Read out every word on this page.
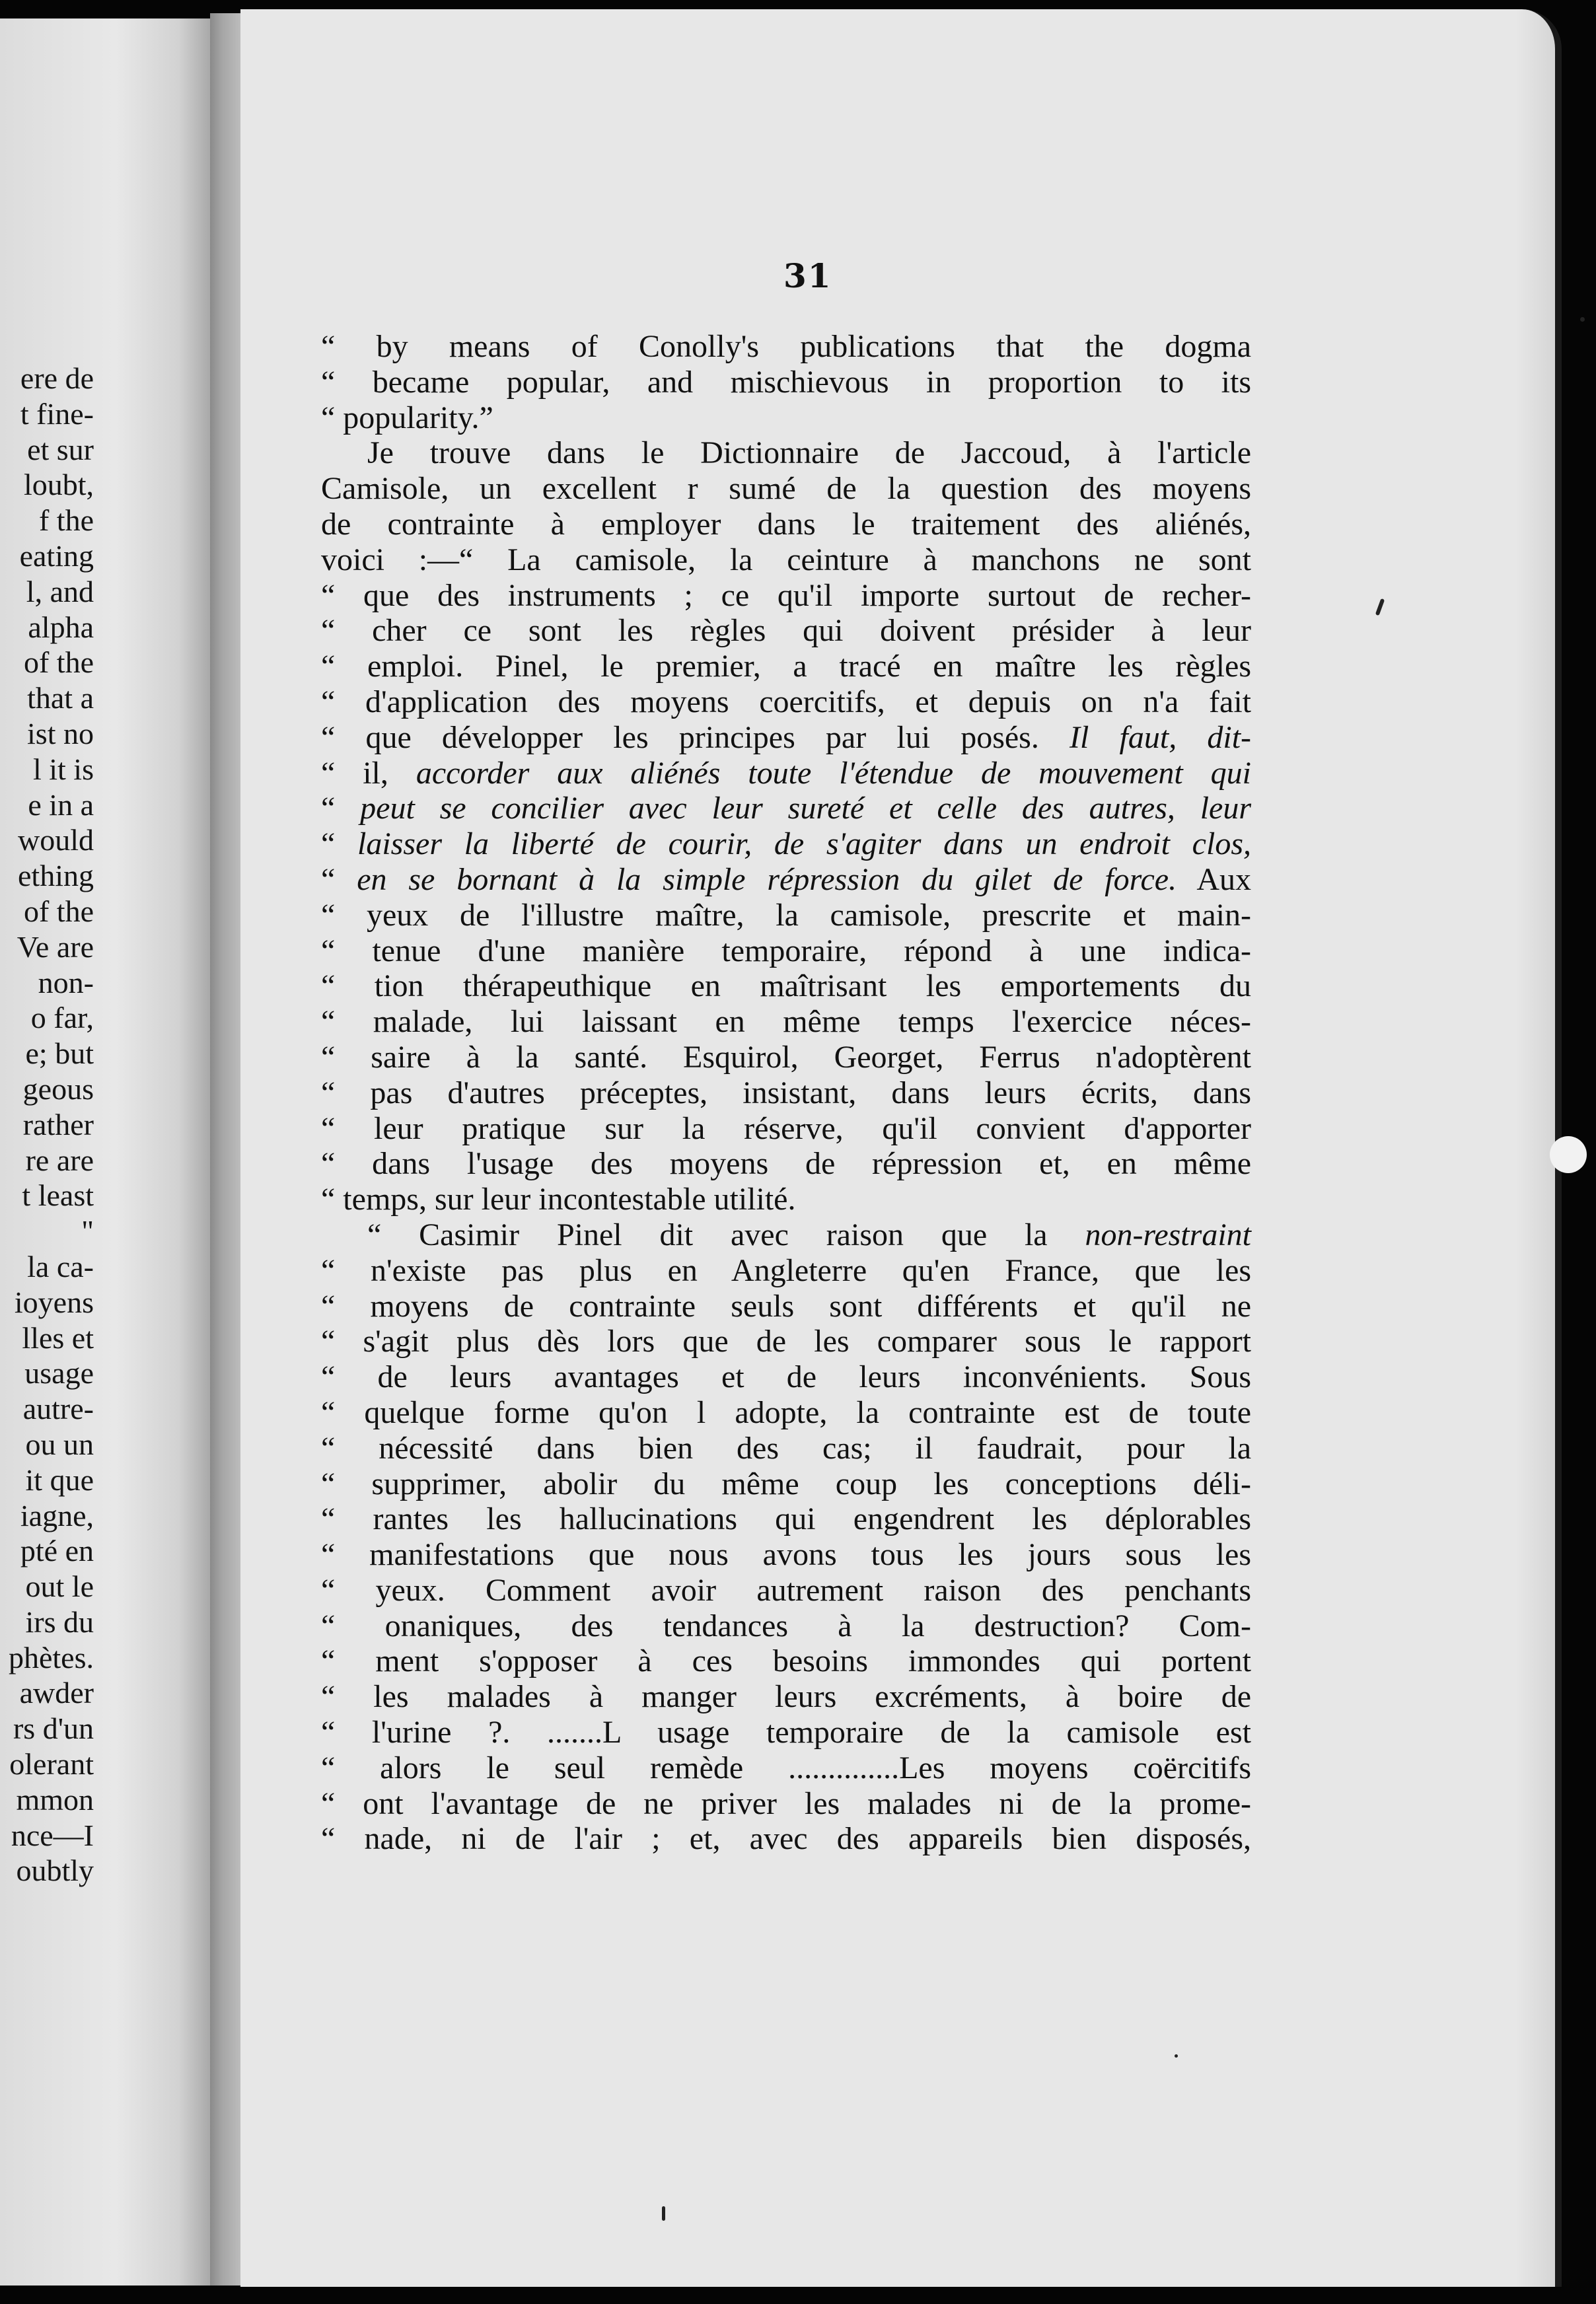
ere de
t fine-
et sur
loubt,
f the
eating
l, and
alpha
of the
that a
ist no
l it is
e in a
would
ething
of the
Ve are
non-
o far,
e; but
geous
rather
re are
t least
"
la ca-
ioyens
lles et
usage
autre-
ou un
it que
iagne,
pté en
out le
irs du
phètes.
awder
rs d'un
olerant
mmon
nce—I
oubtly
31
“ by means of Conolly's publications that the dogma
“ became popular, and mischievous in proportion to its
“ popularity.”
Je trouve dans le Dictionnaire de Jaccoud, à l'article
Camisole, un excellent r sumé de la question des moyens
de contrainte à employer dans le traitement des aliénés,
voici :—“ La camisole, la ceinture à manchons ne sont
“ que des instruments ; ce qu'il importe surtout de recher-
“ cher ce sont les règles qui doivent présider à leur
“ emploi. Pinel, le premier, a tracé en maître les règles
“ d'application des moyens coercitifs, et depuis on n'a fait
“ que développer les principes par lui posés. Il faut, dit-
“ il, accorder aux aliénés toute l'étendue de mouvement qui
“ peut se concilier avec leur sureté et celle des autres, leur
“ laisser la liberté de courir, de s'agiter dans un endroit clos,
“ en se bornant à la simple répression du gilet de force. Aux
“ yeux de l'illustre maître, la camisole, prescrite et main-
“ tenue d'une manière temporaire, répond à une indica-
“ tion thérapeuthique en maîtrisant les emportements du
“ malade, lui laissant en même temps l'exercice néces-
“ saire à la santé. Esquirol, Georget, Ferrus n'adoptèrent
“ pas d'autres préceptes, insistant, dans leurs écrits, dans
“ leur pratique sur la réserve, qu'il convient d'apporter
“ dans l'usage des moyens de répression et, en même
“ temps, sur leur incontestable utilité.
“ Casimir Pinel dit avec raison que la non-restraint
“ n'existe pas plus en Angleterre qu'en France, que les
“ moyens de contrainte seuls sont différents et qu'il ne
“ s'agit plus dès lors que de les comparer sous le rapport
“ de leurs avantages et de leurs inconvénients. Sous
“ quelque forme qu'on l adopte, la contrainte est de toute
“ nécessité dans bien des cas; il faudrait, pour la
“ supprimer, abolir du même coup les conceptions déli-
“ rantes les hallucinations qui engendrent les déplorables
“ manifestations que nous avons tous les jours sous les
“ yeux. Comment avoir autrement raison des penchants
“ onaniques, des tendances à la destruction? Com-
“ ment s'opposer à ces besoins immondes qui portent
“ les malades à manger leurs excréments, à boire de
“ l'urine ?. .......L usage temporaire de la camisole est
“ alors le seul remède ..............Les moyens coërcitifs
“ ont l'avantage de ne priver les malades ni de la prome-
“ nade, ni de l'air ; et, avec des appareils bien disposés,
